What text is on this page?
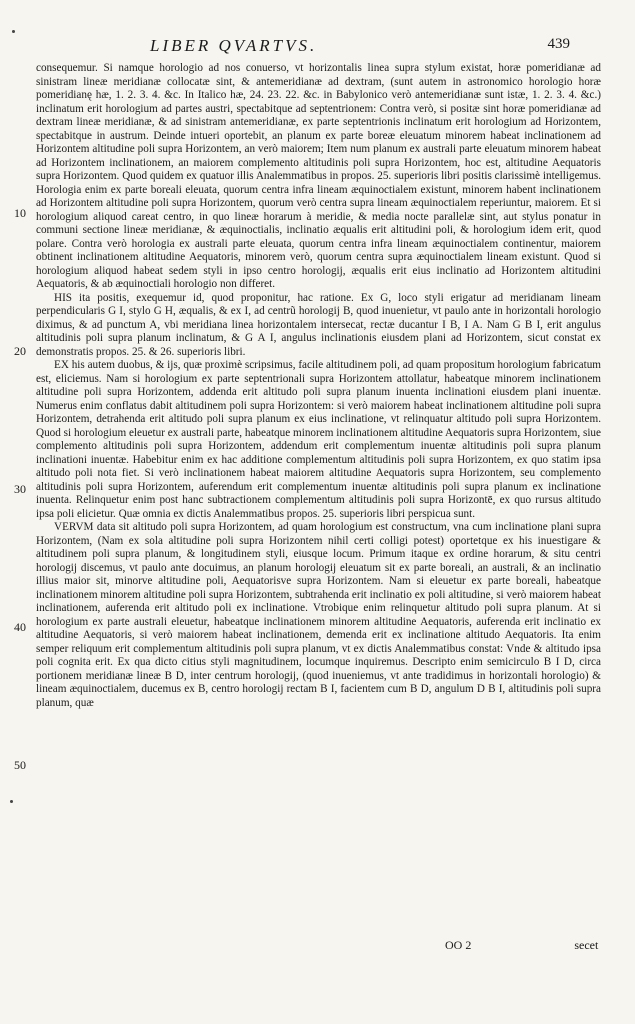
LIBER QVARTVS.	439
10
20
30
40
50

consequemur. Si namque horologio ad nos conuerso, vt horizontalis linea supra stylum existat, horæ pomeridianæ ad sinistram lineæ meridianæ collocatæ sint, & antemeridianæ ad dextram, (sunt autem in astronomico horologio horæ pomeridianę hæ, 1. 2. 3. 4. &c. In Italico hæ, 24. 23. 22. &c. in Babylonico verò antemeridianæ sunt istæ, 1. 2. 3. 4. &c.) inclinatum erit horologium ad partes austri, spectabitque ad septentrionem: Contra verò, si positæ sint horæ pomeridianæ ad dextram lineæ meridianæ, & ad sinistram antemeridianæ, ex parte septentrionis inclinatum erit horologium ad Horizontem, spectabitque in austrum. Deinde intueri oportebit, an planum ex parte boreæ eleuatum minorem habeat inclinationem ad Horizontem altitudine poli supra Horizontem, an verò maiorem; Item num planum ex australi parte eleuatum minorem habeat ad Horizontem inclinationem, an maiorem complemento altitudinis poli supra Horizontem, hoc est, altitudine Aequatoris supra Horizontem. Quod quidem ex quatuor illis Analemmatibus in propos. 25. superioris libri positis clarissimè intelligemus. Horologia enim ex parte boreali eleuata, quorum centra infra lineam æquinoctialem existunt, minorem habent inclinationem ad Horizontem altitudine poli supra Horizontem, quorum verò centra supra lineam æquinoctialem reperiuntur, maiorem. Et si horologium aliquod careat centro, in quo lineæ horarum à meridie, & media nocte parallelæ sint, aut stylus ponatur in communi sectione lineæ meridianæ, & æquinoctialis, inclinatio æqualis erit altitudini poli, & horologium idem erit, quod polare. Contra verò horologia ex australi parte eleuata, quorum centra infra lineam æquinoctialem continentur, maiorem obtinent inclinationem altitudine Aequatoris, minorem verò, quorum centra supra æquinoctialem lineam existunt. Quod si horologium aliquod habeat sedem styli in ipso centro horologij, æqualis erit eius inclinatio ad Horizontem altitudini Aequatoris, & ab æquinoctiali horologio non differet.

HIS ita positis, exequemur id, quod proponitur, hac ratione. Ex G, loco styli erigatur ad meridianam lineam perpendicularis G I, stylo G H, æqualis, & ex I, ad centrũ horologij B, quod inuenietur, vt paulo ante in horizontali horologio diximus, & ad punctum A, vbi meridiana linea horizontalem intersecat, rectæ ducantur I B, I A. Nam G B I, erit angulus altitudinis poli supra planum inclinatum, & G A I, angulus inclinationis eiusdem plani ad Horizontem, sicut constat ex demonstratis propos. 25. & 26. superioris libri.

EX his autem duobus, & ijs, quæ proximè scripsimus, facile altitudinem poli, ad quam propositum horologium fabricatum est, eliciemus. Nam si horologium ex parte septentrionali supra Horizontem attollatur, habeatque minorem inclinationem altitudine poli supra Horizontem, addenda erit altitudo poli supra planum inuenta inclinationi eiusdem plani inuentæ. Numerus enim conflatus dabit altitudinem poli supra Horizontem: si verò maiorem habeat inclinationem altitudine poli supra Horizontem, detrahenda erit altitudo poli supra planum ex eius inclinatione, vt relinquatur altitudo poli supra Horizontem. Quod si horologium eleuetur ex australi parte, habeatque minorem inclinationem altitudine Aequatoris supra Horizontem, siue complemento altitudinis poli supra Horizontem, addendum erit complementum inuentæ altitudinis poli supra planum inclinationi inuentæ. Habebitur enim ex hac additione complementum altitudinis poli supra Horizontem, ex quo statim ipsa altitudo poli nota fiet. Si verò inclinationem habeat maiorem altitudine Aequatoris supra Horizontem, seu complemento altitudinis poli supra Horizontem, auferendum erit complementum inuentæ altitudinis poli supra planum ex inclinatione inuenta. Relinquetur enim post hanc subtractionem complementum altitudinis poli supra Horizontē, ex quo rursus altitudo ipsa poli elicietur. Quæ omnia ex dictis Analemmatibus propos. 25. superioris libri perspicua sunt.

VERVM data sit altitudo poli supra Horizontem, ad quam horologium est constructum, vna cum inclinatione plani supra Horizontem, (Nam ex sola altitudine poli supra Horizontem nihil certi colligi potest) oportetque ex his inuestigare & altitudinem poli supra planum, & longitudinem styli, eiusque locum. Primum itaque ex ordine horarum, & situ centri horologij discemus, vt paulo ante docuimus, an planum horologij eleuatum sit ex parte boreali, an australi, & an inclinatio illius maior sit, minorve altitudine poli, Aequatorisve supra Horizontem. Nam si eleuetur ex parte boreali, habeatque inclinationem minorem altitudine poli supra Horizontem, subtrahenda erit inclinatio ex poli altitudine, si verò maiorem habeat inclinationem, auferenda erit altitudo poli ex inclinatione. Vtrobique enim relinquetur altitudo poli supra planum. At si horologium ex parte australi eleuetur, habeatque inclinationem minorem altitudine Aequatoris, auferenda erit inclinatio ex altitudine Aequatoris, si verò maiorem habeat inclinationem, demenda erit ex inclinatione altitudo Aequatoris. Ita enim semper reliquum erit complementum altitudinis poli supra planum, vt ex dictis Analemmatibus constat: Vnde & altitudo ipsa poli cognita erit. Ex qua dicto citius styli magnitudinem, locumque inquiremus. Descripto enim semicirculo B I D, circa portionem meridianæ lineæ B D, inter centrum horologij, (quod inueniemus, vt ante tradidimus in horizontali horologio) & lineam æquinoctialem, ducemus ex B, centro horologij rectam B I, facientem cum B D, angulum D B I, altitudinis poli supra planum, quæ

OO 2	secet
